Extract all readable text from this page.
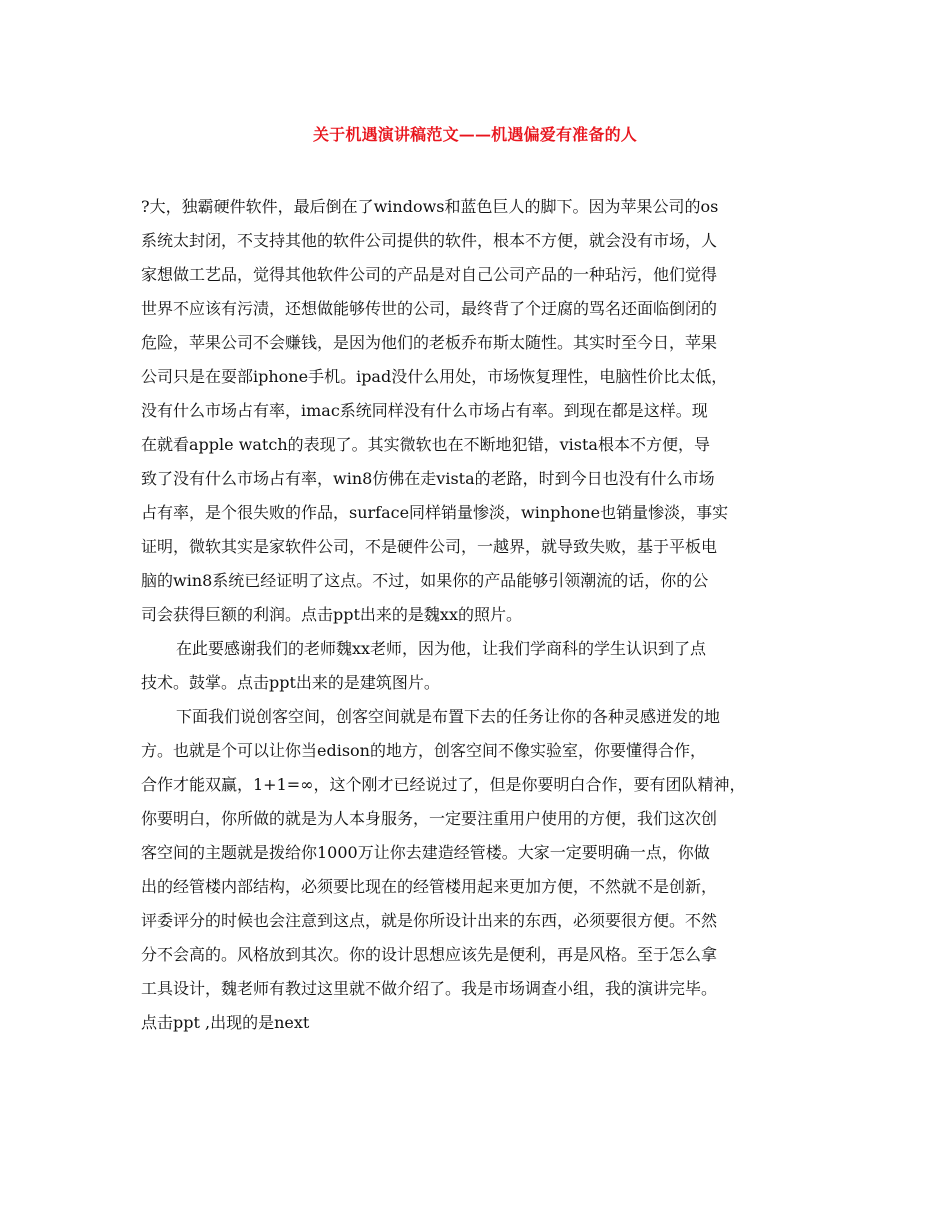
关于机遇演讲稿范文——机遇偏爱有准备的人
?大，独霸硬件软件，最后倒在了windows和蓝色巨人的脚下。因为苹果公司的os
系统太封闭，不支持其他的软件公司提供的软件，根本不方便，就会没有市场，人
家想做工艺品，觉得其他软件公司的产品是对自己公司产品的一种玷污，他们觉得
世界不应该有污渍，还想做能够传世的公司，最终背了个迂腐的骂名还面临倒闭的
危险，苹果公司不会赚钱，是因为他们的老板乔布斯太随性。其实时至今日，苹果
公司只是在耍部iphone手机。ipad没什么用处，市场恢复理性，电脑性价比太低，
没有什么市场占有率，imac系统同样没有什么市场占有率。到现在都是这样。现
在就看apple watch的表现了。其实微软也在不断地犯错，vista根本不方便，导
致了没有什么市场占有率，win8仿佛在走vista的老路，时到今日也没有什么市场
占有率，是个很失败的作品，surface同样销量惨淡，winphone也销量惨淡，事实
证明，微软其实是家软件公司，不是硬件公司，一越界，就导致失败，基于平板电
脑的win8系统已经证明了这点。不过，如果你的产品能够引领潮流的话，你的公
司会获得巨额的利润。点击ppt出来的是魏xx的照片。
在此要感谢我们的老师魏xx老师，因为他，让我们学商科的学生认识到了点
技术。鼓掌。点击ppt出来的是建筑图片。
下面我们说创客空间，创客空间就是布置下去的任务让你的各种灵感迸发的地
方。也就是个可以让你当edison的地方，创客空间不像实验室，你要懂得合作，
合作才能双赢，1+1=∞，这个刚才已经说过了，但是你要明白合作，要有团队精神，
你要明白，你所做的就是为人本身服务，一定要注重用户使用的方便，我们这次创
客空间的主题就是拨给你1000万让你去建造经管楼。大家一定要明确一点，你做
出的经管楼内部结构，必须要比现在的经管楼用起来更加方便，不然就不是创新，
评委评分的时候也会注意到这点，就是你所设计出来的东西，必须要很方便。不然
分不会高的。风格放到其次。你的设计思想应该先是便利，再是风格。至于怎么拿
工具设计，魏老师有教过这里就不做介绍了。我是市场调查小组，我的演讲完毕。
点击ppt ,出现的是next
